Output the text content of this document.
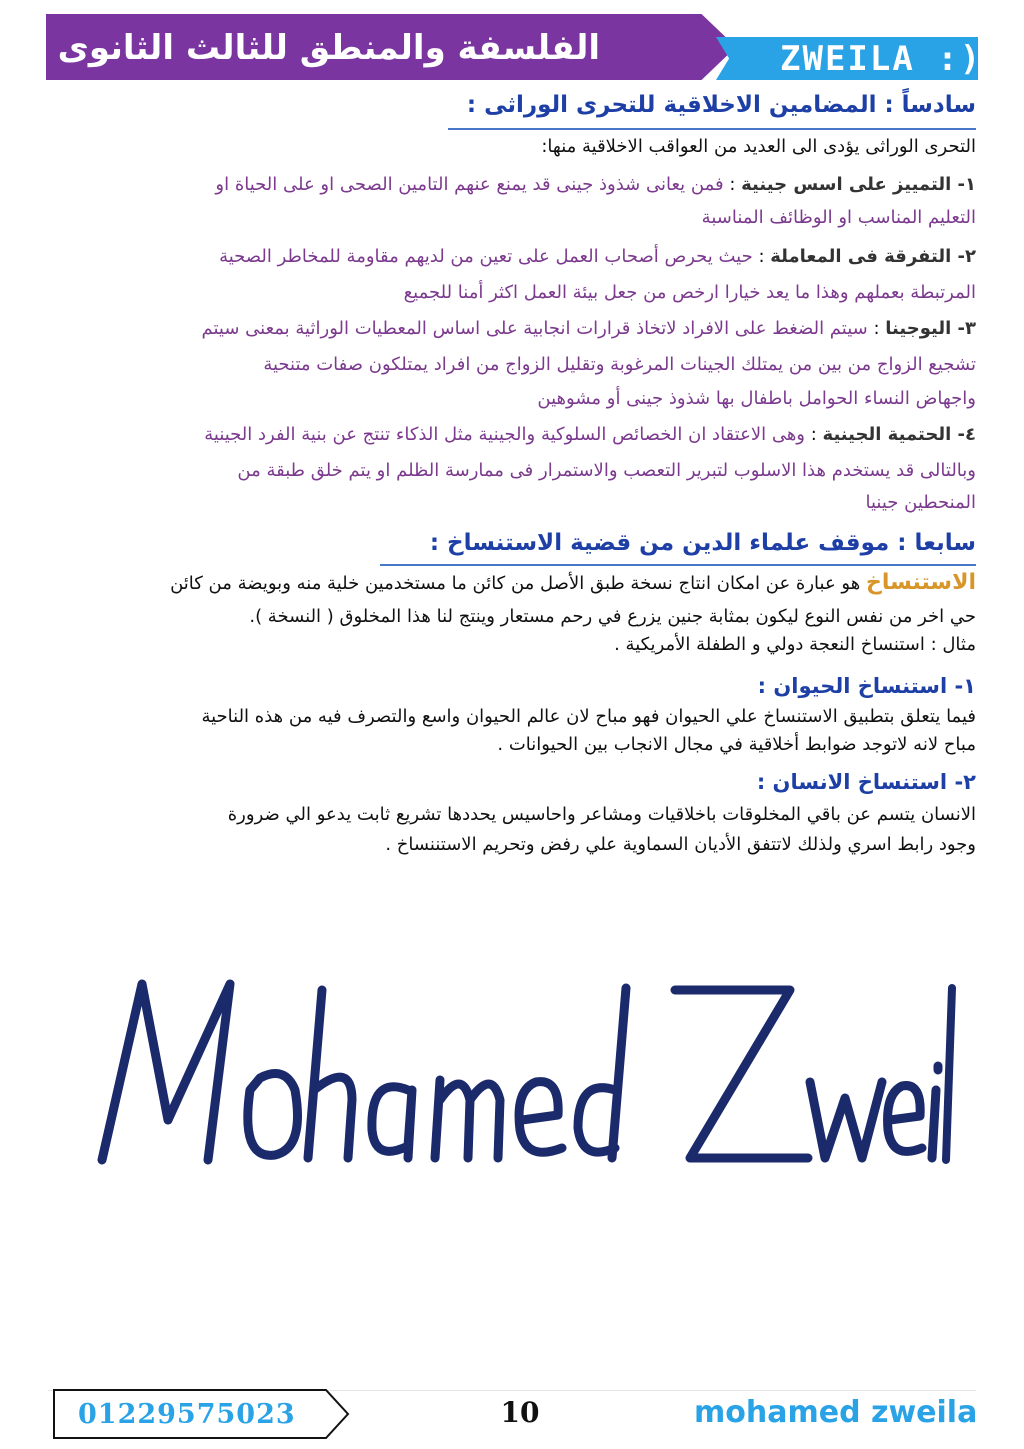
الفلسفة والمنطق للثالث الثانوى	ZWEILA :)
سادساً : المضامين الاخلاقية للتحرى الوراثى :
التحرى الوراثى يؤدى الى العديد من العواقب الاخلاقية منها:
١- التمييز على اسس جينية : فمن يعانى شذوذ جينى قد يمنع عنهم التامين الصحى او على الحياة او
التعليم المناسب او الوظائف المناسبة
٢- التفرقة فى المعاملة : حيث يحرص أصحاب العمل على تعين من لديهم مقاومة للمخاطر الصحية
المرتبطة بعملهم وهذا ما يعد خيارا ارخص من جعل بيئة العمل اكثر أمنا للجميع
٣- اليوجينا : سيتم الضغط على الافراد لاتخاذ قرارات انجابية على اساس المعطيات الوراثية بمعنى سيتم
تشجيع الزواج من بين من يمتلك الجينات المرغوبة وتقليل الزواج من افراد يمتلكون صفات متنحية
واجهاض النساء الحوامل باطفال بها شذوذ جينى أو مشوهين
٤- الحتمية الجينية : وهى الاعتقاد ان الخصائص السلوكية والجينية مثل الذكاء تنتج عن بنية الفرد الجينية
وبالتالى قد يستخدم هذا الاسلوب لتبرير التعصب والاستمرار فى ممارسة الظلم او يتم خلق طبقة من
المنحطين جينيا
سابعا : موقف علماء الدين من قضية الاستنساخ :
الاستنساخ هو عبارة عن امكان انتاج نسخة طبق الأصل من كائن ما مستخدمين خلية منه وبويضة من كائن
حي اخر من نفس النوع ليكون بمثابة جنين يزرع في رحم مستعار وينتج لنا هذا المخلوق ( النسخة ).
مثال : استنساخ النعجة دولي و الطفلة الأمريكية .
١- استنساخ الحيوان :
فيما يتعلق بتطبيق الاستنساخ علي الحيوان فهو مباح لان عالم الحيوان واسع والتصرف فيه من هذه الناحية
مباح لانه لاتوجد ضوابط أخلاقية في مجال الانجاب بين الحيوانات .
٢- استنساخ الانسان :
الانسان يتسم عن باقي المخلوقات باخلاقيات ومشاعر واحاسيس يحددها تشريع ثابت يدعو الي ضرورة
وجود رابط اسري ولذلك لاتتفق الأديان السماوية علي رفض وتحريم الاستننساخ .
01229575023	10	mohamed zweila
